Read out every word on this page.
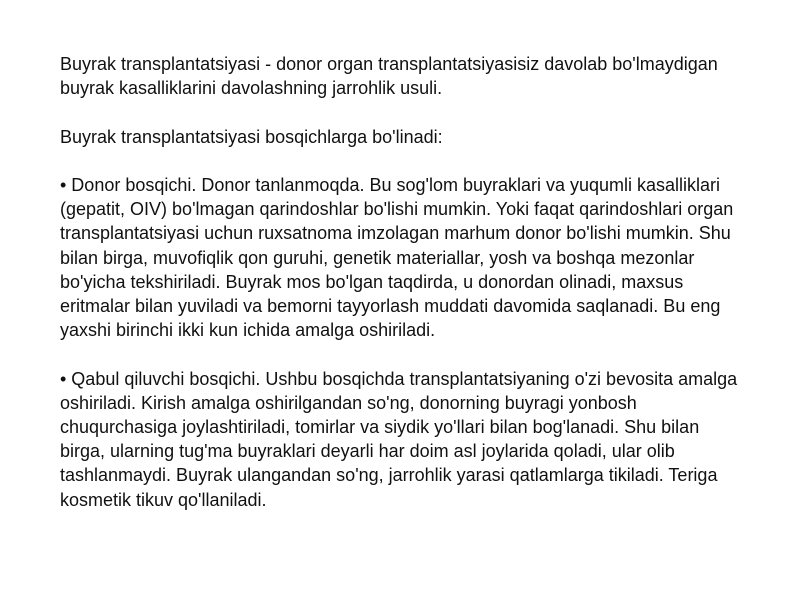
Buyrak transplantatsiyasi - donor organ transplantatsiyasisiz davolab bo'lmaydigan buyrak kasalliklarini davolashning jarrohlik usuli.

Buyrak transplantatsiyasi bosqichlarga bo'linadi:

• Donor bosqichi. Donor tanlanmoqda. Bu sog'lom buyraklari va yuqumli kasalliklari (gepatit, OIV) bo'lmagan qarindoshlar bo'lishi mumkin. Yoki faqat qarindoshlari organ transplantatsiyasi uchun ruxsatnoma imzolagan marhum donor bo'lishi mumkin. Shu bilan birga, muvofiqlik qon guruhi, genetik materiallar, yosh va boshqa mezonlar bo'yicha tekshiriladi. Buyrak mos bo'lgan taqdirda, u donordan olinadi, maxsus eritmalar bilan yuviladi va bemorni tayyorlash muddati davomida saqlanadi. Bu eng yaxshi birinchi ikki kun ichida amalga oshiriladi.

• Qabul qiluvchi bosqichi. Ushbu bosqichda transplantatsiyaning o'zi bevosita amalga oshiriladi. Kirish amalga oshirilgandan so'ng, donorning buyragi yonbosh chuqurchasiga joylashtiriladi, tomirlar va siydik yo'llari bilan bog'lanadi. Shu bilan birga, ularning tug'ma buyraklari deyarli har doim asl joylarida qoladi, ular olib tashlanmaydi. Buyrak ulangandan so'ng, jarrohlik yarasi qatlamlarga tikiladi. Teriga kosmetik tikuv qo'llaniladi.
